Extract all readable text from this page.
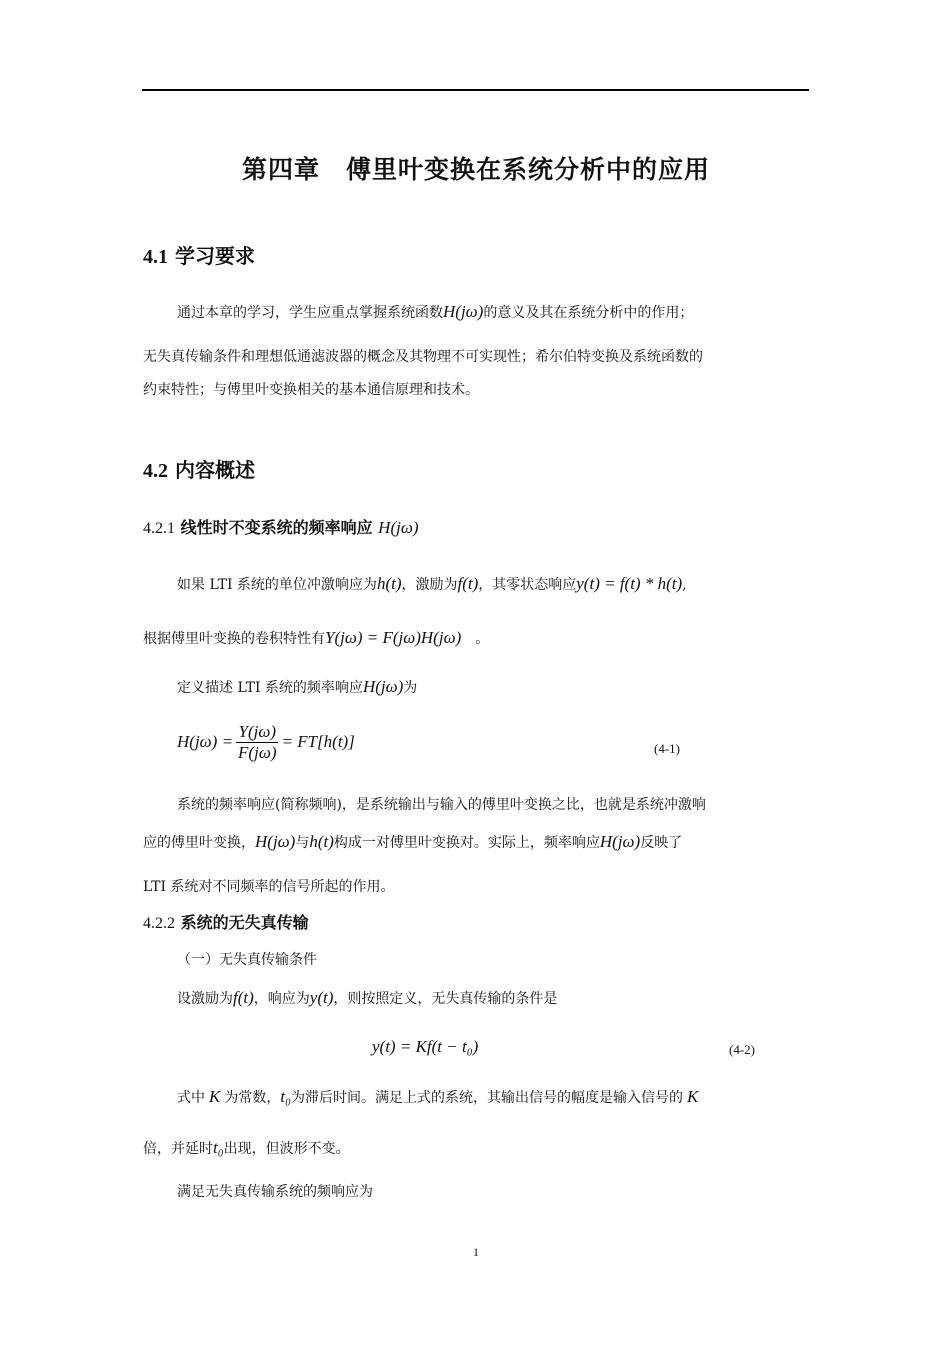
第四章　傅里叶变换在系统分析中的应用
4.1 学习要求
通过本章的学习，学生应重点掌握系统函数H(jω)的意义及其在系统分析中的作用；
无失真传输条件和理想低通滤波器的概念及其物理不可实现性；希尔伯特变换及系统函数的
约束特性；与傅里叶变换相关的基本通信原理和技术。
4.2 内容概述
4.2.1 线性时不变系统的频率响应 H(jω)
如果 LTI 系统的单位冲激响应为h(t)，激励为f(t)，其零状态响应y(t) = f(t) * h(t),
根据傅里叶变换的卷积特性有Y(jω) = F(jω)H(jω) 。
定义描述 LTI 系统的频率响应H(jω)为
$H(j\omega) = \frac{Y(j\omega)}{F(j\omega)} = FT[h(t)]$	(4-1)
系统的频率响应(简称频响)，是系统输出与输入的傅里叶变换之比，也就是系统冲激响
应的傅里叶变换，H(jω)与h(t)构成一对傅里叶变换对。实际上，频率响应H(jω)反映了
LTI 系统对不同频率的信号所起的作用。
4.2.2 系统的无失真传输
（一）无失真传输条件
设激励为f(t)，响应为y(t)，则按照定义，无失真传输的条件是
y(t) = Kf(t − t₀)	(4-2)
式中 K 为常数，t₀为滞后时间。满足上式的系统，其输出信号的幅度是输入信号的 K
倍，并延时t₀出现，但波形不变。
满足无失真传输系统的频响应为
1
